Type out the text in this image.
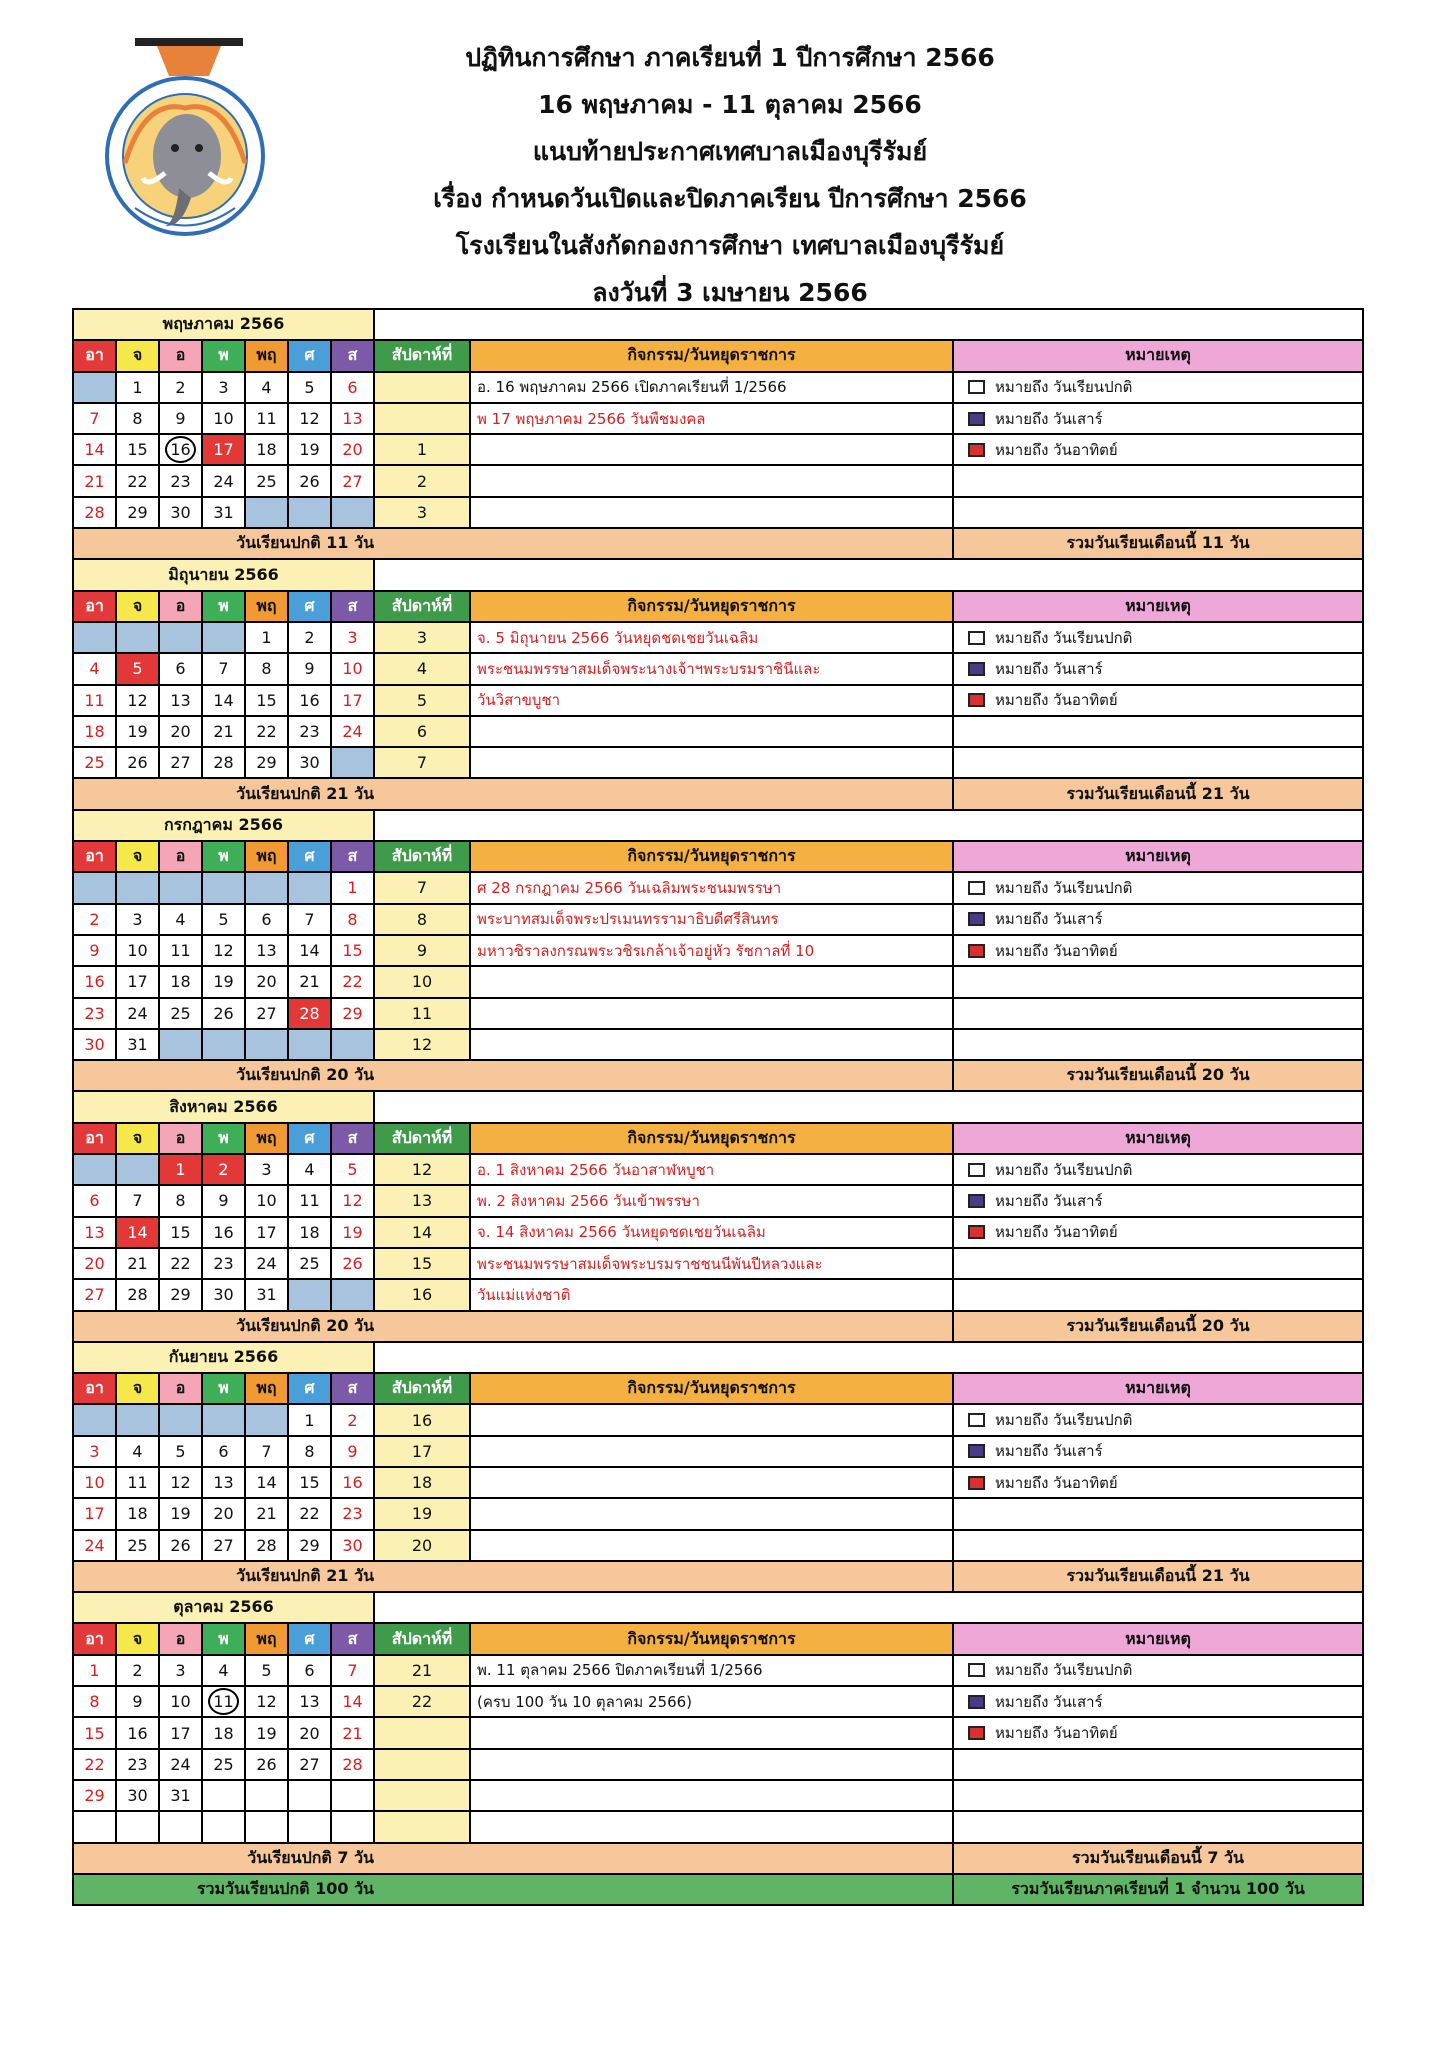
ปฏิทินการศึกษา ภาคเรียนที่ 1 ปีการศึกษา 2566
16 พฤษภาคม - 11 ตุลาคม 2566
แนบท้ายประกาศเทศบาลเมืองบุรีรัมย์
เรื่อง กำหนดวันเปิดและปิดภาคเรียน ปีการศึกษา 2566
โรงเรียนในสังกัดกองการศึกษา เทศบาลเมืองบุรีรัมย์
ลงวันที่ 3 เมษายน 2566
พฤษภาคม 2566									
อา	จ	อ	พ	พฤ	ศ	ส	สัปดาห์ที่	กิจกรรม/วันหยุดราชการ	หมายเหตุ
	1	2	3	4	5	6		อ. 16 พฤษภาคม 2566 เปิดภาคเรียนที่ 1/2566	หมายถึง วันเรียนปกติ
7	8	9	10	11	12	13		พ 17 พฤษภาคม 2566 วันพืชมงคล	หมายถึง วันเสาร์
14	15	16	17	18	19	20	1		หมายถึง วันอาทิตย์
21	22	23	24	25	26	27	2		
28	29	30	31				3		
วันเรียนปกติ 11 วัน									รวมวันเรียนเดือนนี้ 11 วัน
มิถุนายน 2566									
อา	จ	อ	พ	พฤ	ศ	ส	สัปดาห์ที่	กิจกรรม/วันหยุดราชการ	หมายเหตุ
				1	2	3	3	จ. 5 มิถุนายน 2566 วันหยุดชดเชยวันเฉลิม	หมายถึง วันเรียนปกติ
4	5	6	7	8	9	10	4	พระชนมพรรษาสมเด็จพระนางเจ้าฯพระบรมราชินีและ	หมายถึง วันเสาร์
11	12	13	14	15	16	17	5	วันวิสาขบูชา	หมายถึง วันอาทิตย์
18	19	20	21	22	23	24	6		
25	26	27	28	29	30		7		
วันเรียนปกติ 21 วัน									รวมวันเรียนเดือนนี้ 21 วัน
กรกฎาคม 2566									
อา	จ	อ	พ	พฤ	ศ	ส	สัปดาห์ที่	กิจกรรม/วันหยุดราชการ	หมายเหตุ
						1	7	ศ 28 กรกฎาคม 2566 วันเฉลิมพระชนมพรรษา	หมายถึง วันเรียนปกติ
2	3	4	5	6	7	8	8	พระบาทสมเด็จพระปรเมนทรรามาธิบดีศรีสินทร	หมายถึง วันเสาร์
9	10	11	12	13	14	15	9	มหาวชิราลงกรณพระวชิรเกล้าเจ้าอยู่หัว รัชกาลที่ 10	หมายถึง วันอาทิตย์
16	17	18	19	20	21	22	10		
23	24	25	26	27	28	29	11		
30	31						12		
วันเรียนปกติ 20 วัน									รวมวันเรียนเดือนนี้ 20 วัน
สิงหาคม 2566									
อา	จ	อ	พ	พฤ	ศ	ส	สัปดาห์ที่	กิจกรรม/วันหยุดราชการ	หมายเหตุ
		1	2	3	4	5	12	อ. 1 สิงหาคม 2566 วันอาสาฬหบูชา	หมายถึง วันเรียนปกติ
6	7	8	9	10	11	12	13	พ. 2 สิงหาคม 2566 วันเข้าพรรษา	หมายถึง วันเสาร์
13	14	15	16	17	18	19	14	จ. 14 สิงหาคม 2566 วันหยุดชดเชยวันเฉลิม	หมายถึง วันอาทิตย์
20	21	22	23	24	25	26	15	พระชนมพรรษาสมเด็จพระบรมราชชนนีพันปีหลวงและ	
27	28	29	30	31			16	วันแม่แห่งชาติ	
วันเรียนปกติ 20 วัน									รวมวันเรียนเดือนนี้ 20 วัน
กันยายน 2566									
อา	จ	อ	พ	พฤ	ศ	ส	สัปดาห์ที่	กิจกรรม/วันหยุดราชการ	หมายเหตุ
					1	2	16		หมายถึง วันเรียนปกติ
3	4	5	6	7	8	9	17		หมายถึง วันเสาร์
10	11	12	13	14	15	16	18		หมายถึง วันอาทิตย์
17	18	19	20	21	22	23	19		
24	25	26	27	28	29	30	20		
วันเรียนปกติ 21 วัน									รวมวันเรียนเดือนนี้ 21 วัน
ตุลาคม 2566									
อา	จ	อ	พ	พฤ	ศ	ส	สัปดาห์ที่	กิจกรรม/วันหยุดราชการ	หมายเหตุ
1	2	3	4	5	6	7	21	พ. 11 ตุลาคม 2566 ปิดภาคเรียนที่ 1/2566	หมายถึง วันเรียนปกติ
8	9	10	11	12	13	14	22	(ครบ 100 วัน 10 ตุลาคม 2566)	หมายถึง วันเสาร์
15	16	17	18	19	20	21			หมายถึง วันอาทิตย์
22	23	24	25	26	27	28			
29	30	31							

วันเรียนปกติ 7 วัน									รวมวันเรียนเดือนนี้ 7 วัน
รวมวันเรียนปกติ 100 วัน									รวมวันเรียนภาคเรียนที่ 1 จำนวน 100 วัน
